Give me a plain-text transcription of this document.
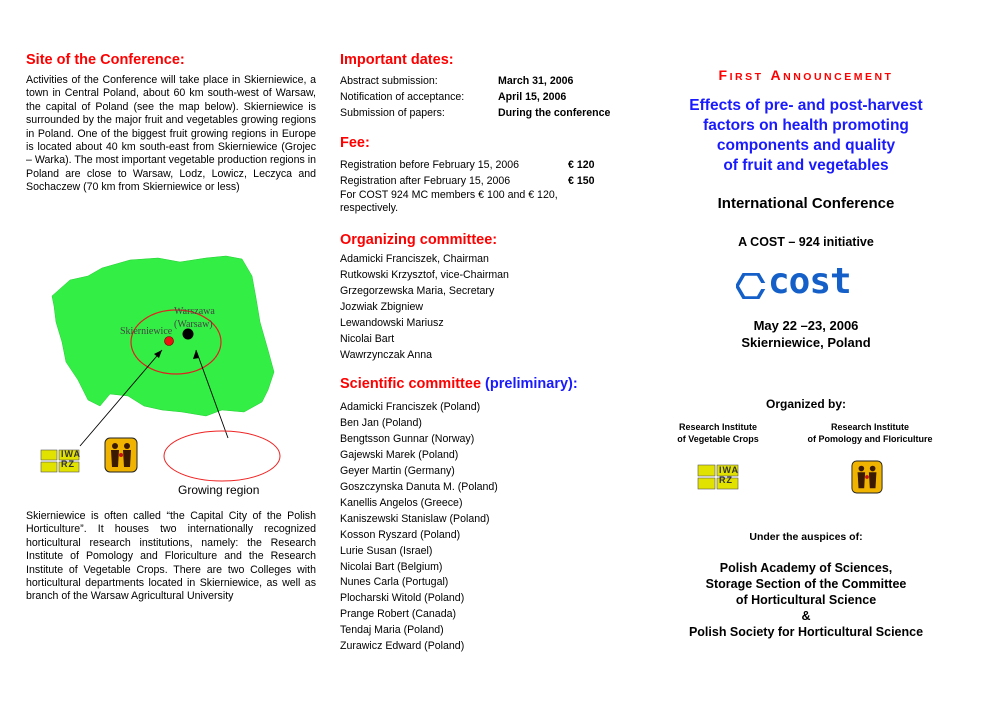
Site of the Conference:
Activities of the Conference will take place in Skierniewice, a town in Central Poland, about 60 km south-west of Warsaw, the capital of Poland (see the map below). Skierniewice is surrounded by the major fruit and vegetables growing regions in Poland. One of the biggest fruit growing regions in Europe is located about 40 km south-east from Skierniewice (Grojec – Warka). The most important vegetable production regions in Poland are close to Warsaw, Lodz, Lowicz, Leczyca and Sochaczew (70 km from Skierniewice or less)
Warszawa
(Warsaw)
Skierniewice
Growing region
IWA RZ
Skierniewice is often called “the Capital City of the Polish Horticulture”. It houses two internationally recognized horticultural research institutions, namely: the Research Institute of Pomology and Floriculture and the Research Institute of Vegetable Crops. There are two Colleges with horticultural departments located in Skierniewice, as well as branch of the Warsaw Agricultural University
Important dates:
Abstract submission:	March 31, 2006
Notification of acceptance:	April 15, 2006
Submission of papers:	During the conference
Fee:
Registration before February 15, 2006	€ 120
Registration after February 15, 2006	€ 150
For COST 924 MC members € 100 and € 120, respectively.
Organizing committee:
Adamicki Franciszek, Chairman
Rutkowski Krzysztof, vice-Chairman
Grzegorzewska Maria, Secretary
Jozwiak Zbigniew
Lewandowski Mariusz
Nicolai Bart
Wawrzynczak Anna
Scientific committee (preliminary):
Adamicki Franciszek (Poland)
Ben Jan (Poland)
Bengtsson Gunnar (Norway)
Gajewski Marek (Poland)
Geyer Martin (Germany)
Goszczynska Danuta M. (Poland)
Kanellis Angelos (Greece)
Kaniszewski Stanislaw (Poland)
Kosson Ryszard (Poland)
Lurie Susan (Israel)
Nicolai Bart (Belgium)
Nunes Carla (Portugal)
Plocharski Witold (Poland)
Prange Robert (Canada)
Tendaj Maria (Poland)
Zurawicz Edward (Poland)
FIRST ANNOUNCEMENT
Effects of pre- and post-harvest
factors on health promoting
components and quality
of fruit and vegetables
International Conference
A COST – 924 initiative
cost
May 22 –23, 2006
Skierniewice, Poland
Organized by:
Research Institute
of Vegetable Crops
Research Institute
of Pomology and Floriculture
IWA RZ
Under the auspices of:
Polish Academy of Sciences,
Storage Section of the Committee
of Horticultural Science
&
Polish Society for Horticultural Science
